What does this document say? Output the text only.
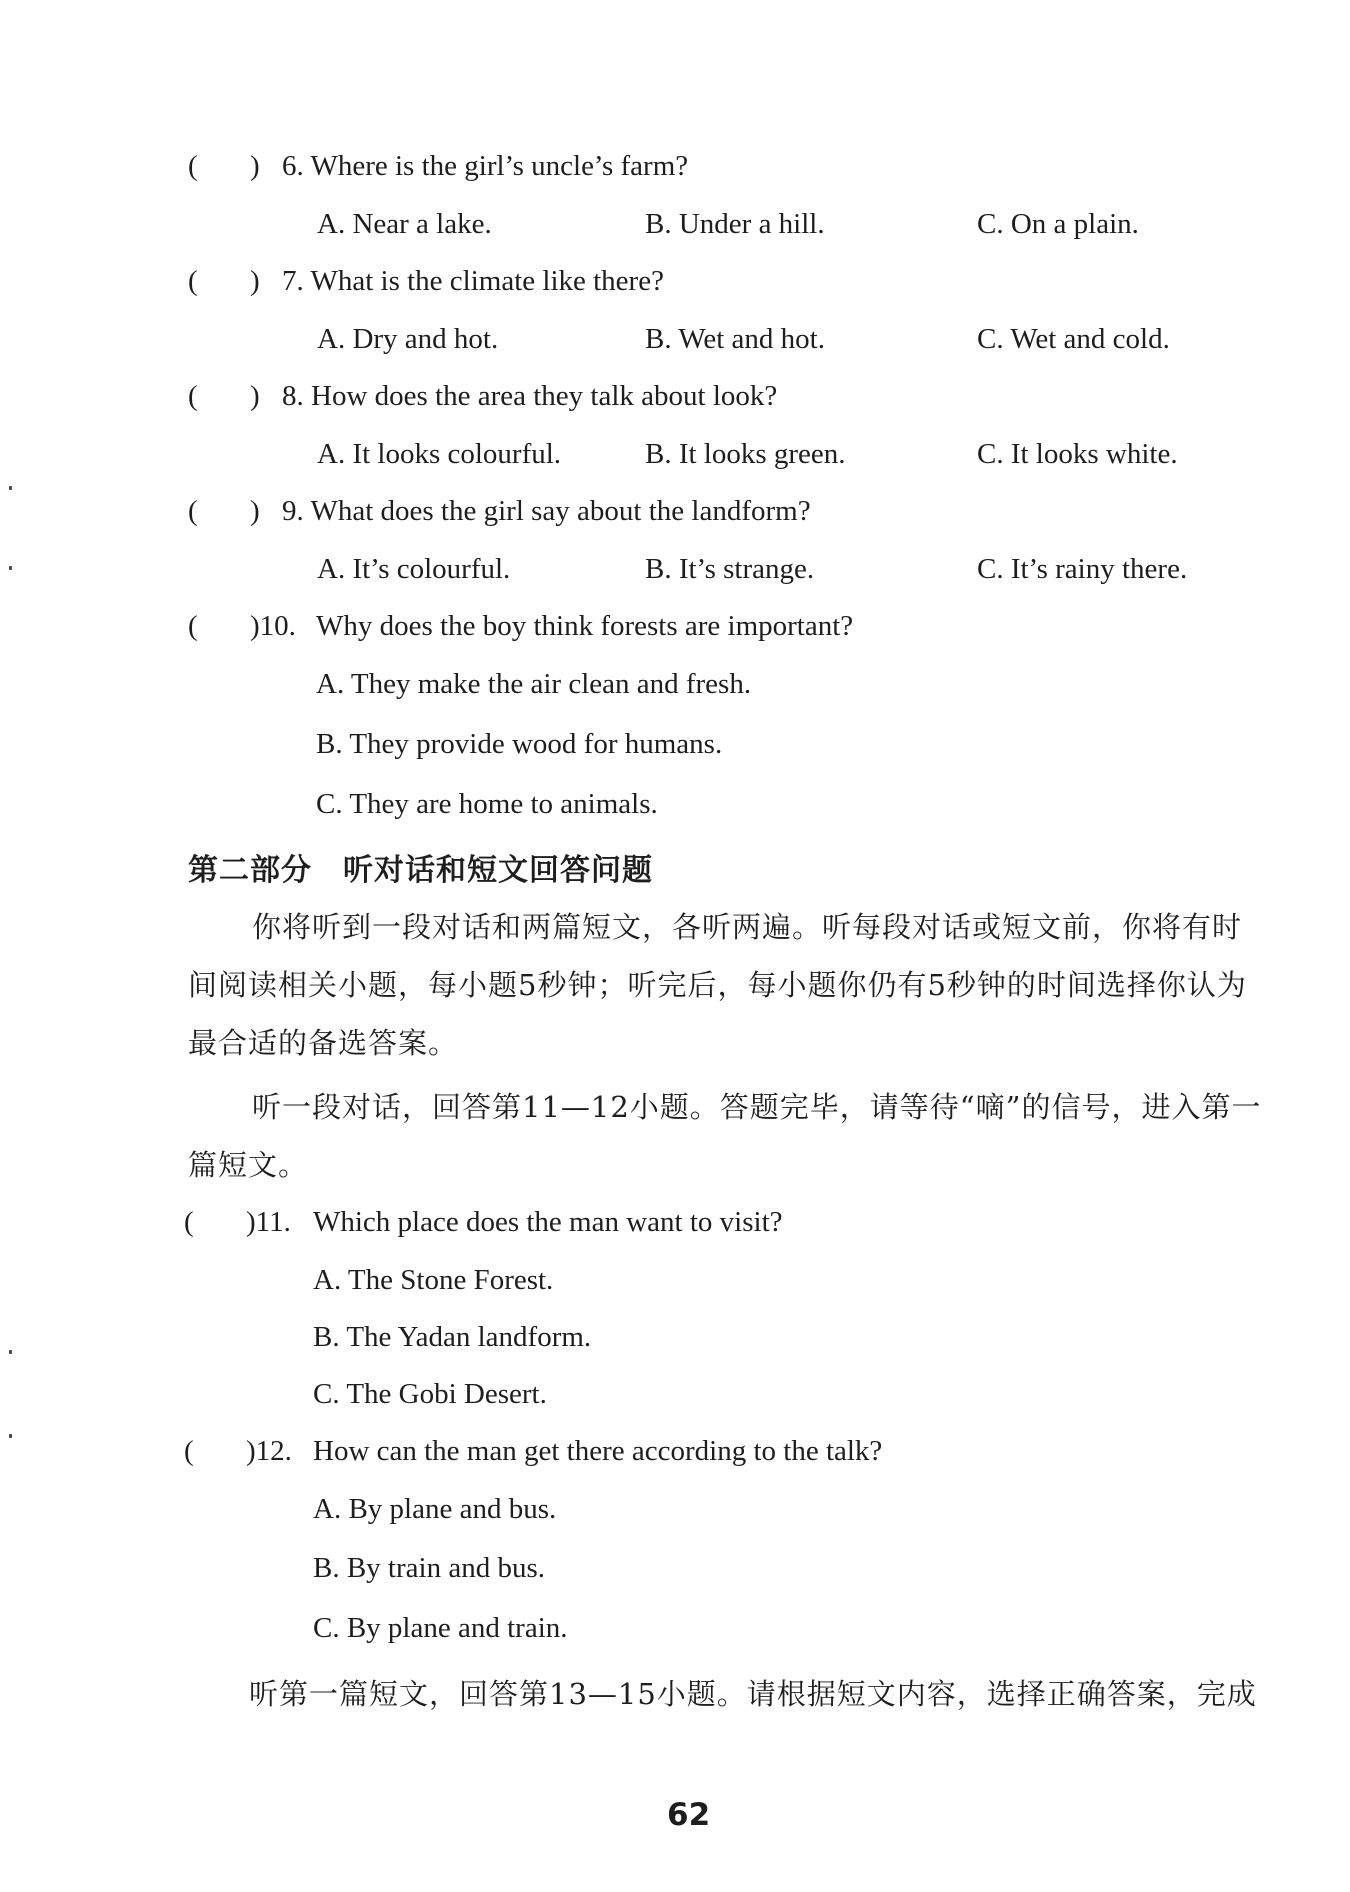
( ) 6. Where is the girl’s uncle’s farm?
A. Near a lake.	B. Under a hill.	C. On a plain.
( ) 7. What is the climate like there?
A. Dry and hot.	B. Wet and hot.	C. Wet and cold.
( ) 8. How does the area they talk about look?
A. It looks colourful.	B. It looks green.	C. It looks white.
( ) 9. What does the girl say about the landform?
A. It’s colourful.	B. It’s strange.	C. It’s rainy there.
( )10. Why does the boy think forests are important?
A. They make the air clean and fresh.
B. They provide wood for humans.
C. They are home to animals.
第二部分　听对话和短文回答问题
你将听到一段对话和两篇短文，各听两遍。听每段对话或短文前，你将有时
间阅读相关小题，每小题5秒钟；听完后，每小题你仍有5秒钟的时间选择你认为
最合适的备选答案。
听一段对话，回答第11—12小题。答题完毕，请等待“嘀”的信号，进入第一
篇短文。
( )11. Which place does the man want to visit?
A. The Stone Forest.
B. The Yadan landform.
C. The Gobi Desert.
( )12. How can the man get there according to the talk?
A. By plane and bus.
B. By train and bus.
C. By plane and train.
听第一篇短文，回答第13—15小题。请根据短文内容，选择正确答案，完成
62
